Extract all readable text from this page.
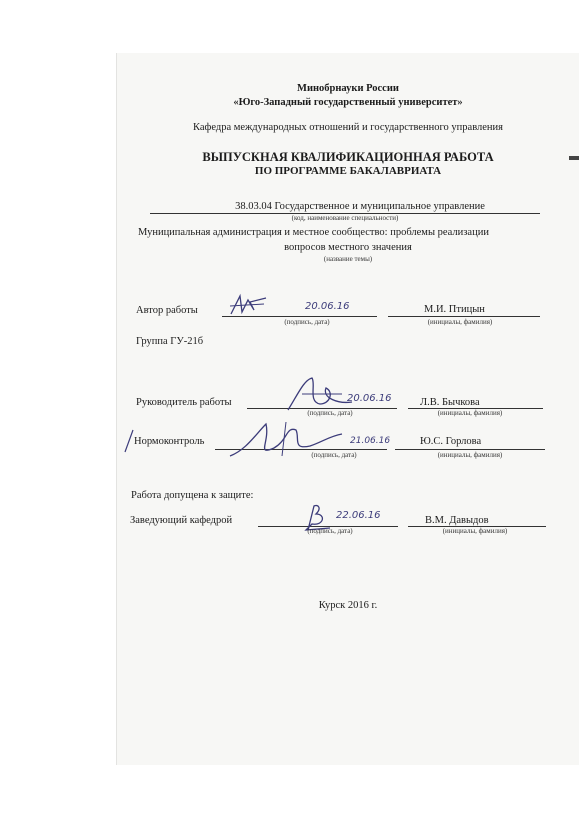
Минобрнауки России
«Юго-Западный государственный университет»
Кафедра международных отношений и государственного управления
ВЫПУСКНАЯ КВАЛИФИКАЦИОННАЯ РАБОТА
ПО ПРОГРАММЕ БАКАЛАВРИАТА
38.03.04 Государственное и муниципальное управление
(код, наименование специальности)
Муниципальная администрация и местное сообщество: проблемы реализации
вопросов местного значения
(название темы)
Автор работы	20.06.16	М.И. Птицын
(подпись, дата)	(инициалы, фамилия)
Группа ГУ-21б
Руководитель работы	20.06.16	Л.В. Бычкова
(подпись, дата)	(инициалы, фамилия)
Нормоконтроль	21.06.16	Ю.С. Горлова
(подпись, дата)	(инициалы, фамилия)
Работа допущена к защите:
Заведующий кафедрой	22.06.16	В.М. Давыдов
(подпись, дата)	(инициалы, фамилия)
Курск 2016 г.
